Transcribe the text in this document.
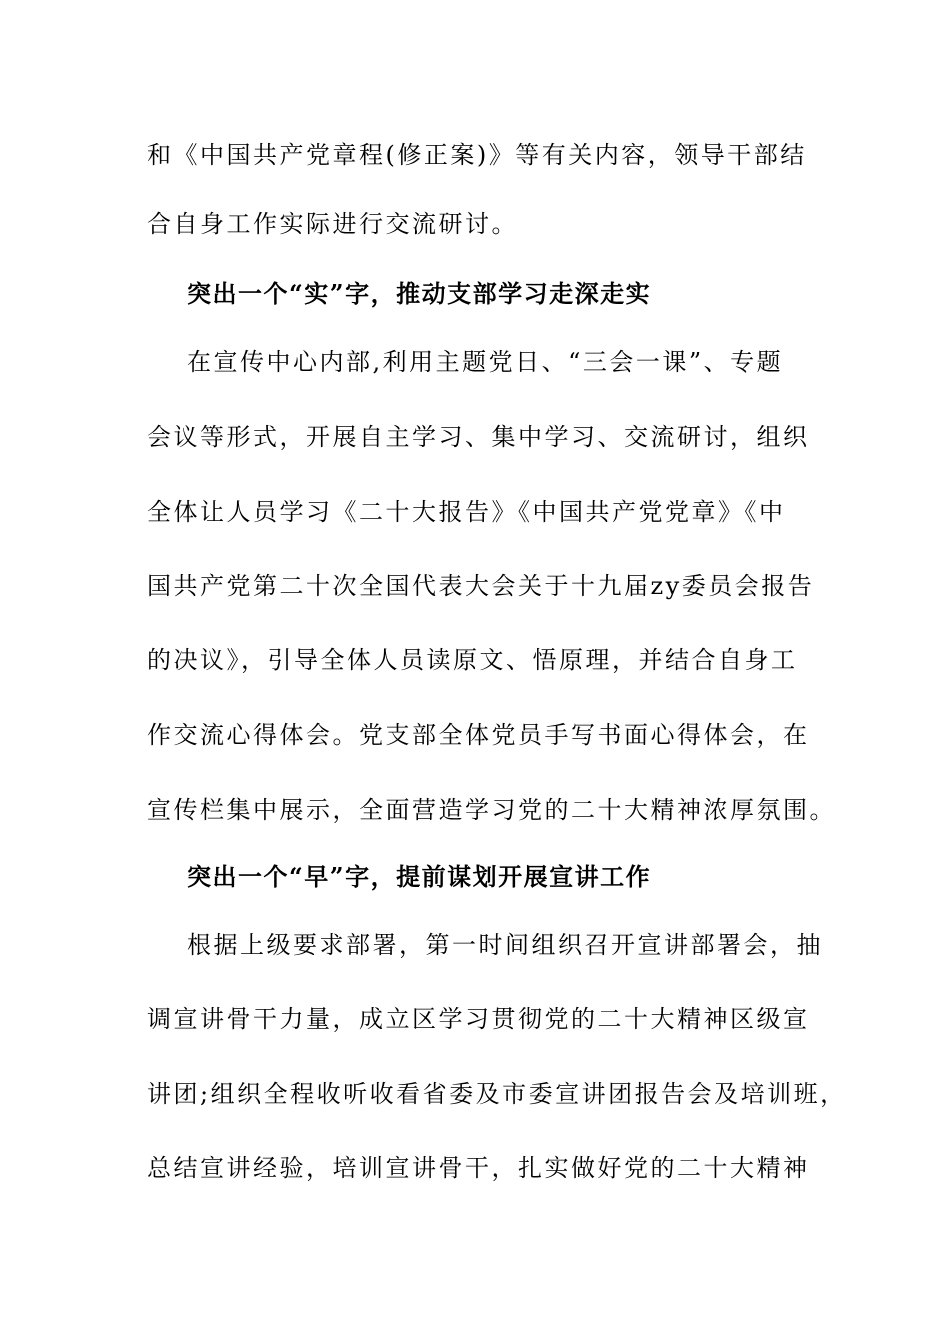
和《中国共产党章程(修正案)》等有关内容，领导干部结
合自身工作实际进行交流研讨。
突出一个“实”字，推动支部学习走深走实
在宣传中心内部,利用主题党日、“三会一课”、专题
会议等形式，开展自主学习、集中学习、交流研讨，组织
全体让人员学习《二十大报告》《中国共产党党章》《中
国共产党第二十次全国代表大会关于十九届zy委员会报告
的决议》，引导全体人员读原文、悟原理，并结合自身工
作交流心得体会。党支部全体党员手写书面心得体会，在
宣传栏集中展示，全面营造学习党的二十大精神浓厚氛围。
突出一个“早”字，提前谋划开展宣讲工作
根据上级要求部署，第一时间组织召开宣讲部署会，抽
调宣讲骨干力量，成立区学习贯彻党的二十大精神区级宣
讲团;组织全程收听收看省委及市委宣讲团报告会及培训班，
总结宣讲经验，培训宣讲骨干，扎实做好党的二十大精神
